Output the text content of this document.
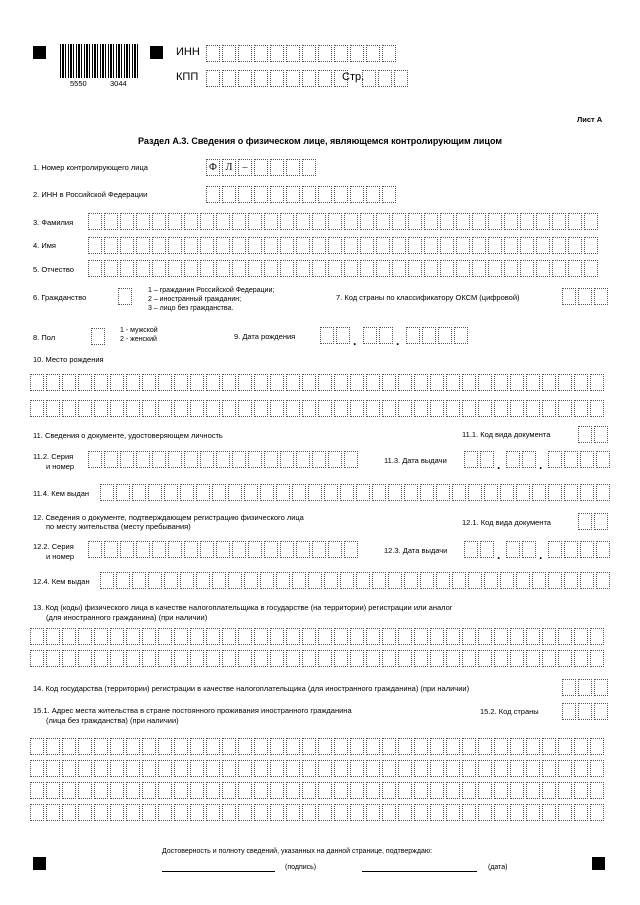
5550	3044
ИНН
КПП	Стр.
Лист А
Раздел А.3. Сведения о физическом лице, являющемся контролирующим лицом
1. Номер контролирующего лица	Ф Л	–
2. ИНН в Российской Федерации
3. Фамилия
4. Имя
5. Отчество
6. Гражданство
1 – гражданин Российской Федерации;
2 – иностранный гражданин;
3 – лицо без гражданства.
7. Код страны по классификатору ОКСМ (цифровой)
8. Пол
1 - мужской
2 - женский	9. Дата рождения	.	.
10. Место рождения
11. Сведения о документе, удостоверяющем личность	11.1. Код вида документа
11.2. Серия
и номер
11.3. Дата выдачи	.	.
11.4. Кем выдан
12. Сведения о документе, подтверждающем регистрацию физического лица
по месту жительства (месту пребывания)	12.1. Код вида документа
12.2. Серия
и номер
12.3. Дата выдачи	.	.
12.4. Кем выдан
13. Код (коды) физического лица в качестве налогоплательщика в государстве (на территории) регистрации или аналог
(для иностранного гражданина) (при наличии)
14. Код государства (территории) регистрации в качестве налогоплательщика (для иностранного гражданина) (при наличии)
15.1. Адрес места жительства в стране постоянного проживания иностранного гражданина
(лица без гражданства) (при наличии)
15.2. Код страны
Достоверность и полноту сведений, указанных на данной странице, подтверждаю:
(подпись)	(дата)
